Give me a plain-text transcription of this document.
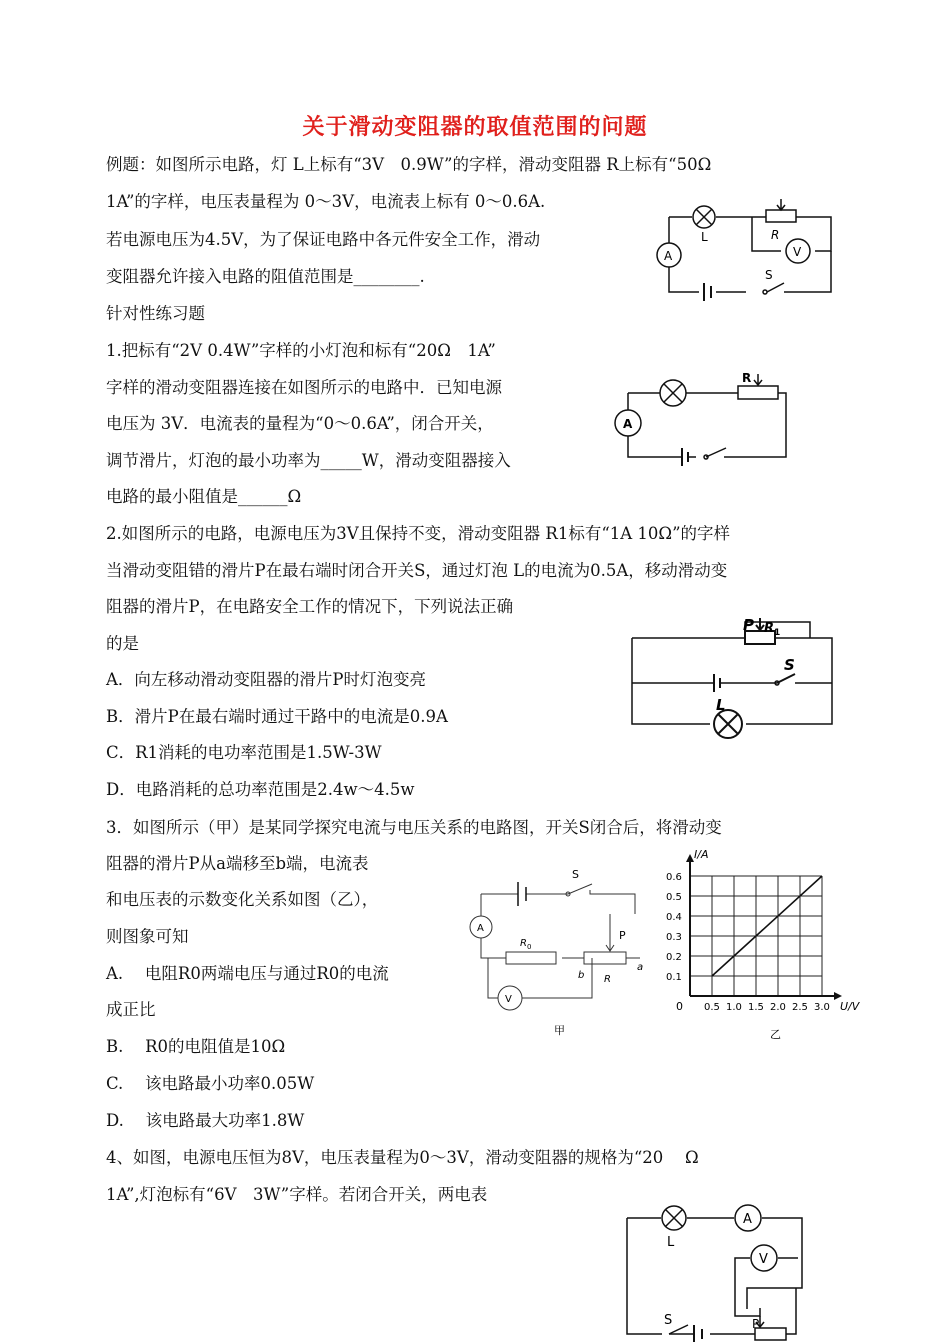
关于滑动变阻器的取值范围的问题
例题：如图所示电路，灯 L上标有“3V　0.9W”的字样，滑动变阻器 R上标有“50Ω
1A”的字样，电压表量程为 0～3V，电流表上标有 0～0.6A.
若电源电压为4.5V，为了保证电路中各元件安全工作，滑动
变阻器允许接入电路的阻值范围是________.
针对性练习题
1.把标有“2V 0.4W”字样的小灯泡和标有“20Ω　1A”
字样的滑动变阻器连接在如图所示的电路中．已知电源
电压为 3V．电流表的量程为“0～0.6A”，闭合开关，
调节滑片，灯泡的最小功率为_____W，滑动变阻器接入
电路的最小阻值是______Ω
2.如图所示的电路，电源电压为3V且保持不变，滑动变阻器 R1标有“1A 10Ω”的字样
当滑动变阻错的滑片P在最右端时闭合开关S，通过灯泡 L的电流为0.5A，移动滑动变
阻器的滑片P，在电路安全工作的情况下，下列说法正确
的是
A．向左移动滑动变阻器的滑片P时灯泡变亮
B．滑片P在最右端时通过干路中的电流是0.9A
C．R1消耗的电功率范围是1.5W-3W
D．电路消耗的总功率范围是2.4w～4.5w
3．如图所示（甲）是某同学探究电流与电压关系的电路图，开关S闭合后，将滑动变
阻器的滑片P从a端移至b端，电流表
和电压表的示数变化关系如图（乙），
则图象可知
A.　 电阻R0两端电压与通过R0的电流
成正比
B.　 R0的电阻值是10Ω
C.　 该电路最小功率0.05W
D.　 该电路最大功率1.8W
4、如图，电源电压恒为8V，电压表量程为0～3V，滑动变阻器的规格为“20　 Ω
1A”,灯泡标有“6V　3W”字样。若闭合开关，两电表
L	R
V
A
S
R
A
P R 1
S
L
S
A
R 0
V
P
b
a
R
甲
0.5 1.0 1.5 2.0 2.5 3.0
0.1
0.2
0.3
0.4
0.5
0.6
0	U/V
I/A
乙
L
A
V
S	P
